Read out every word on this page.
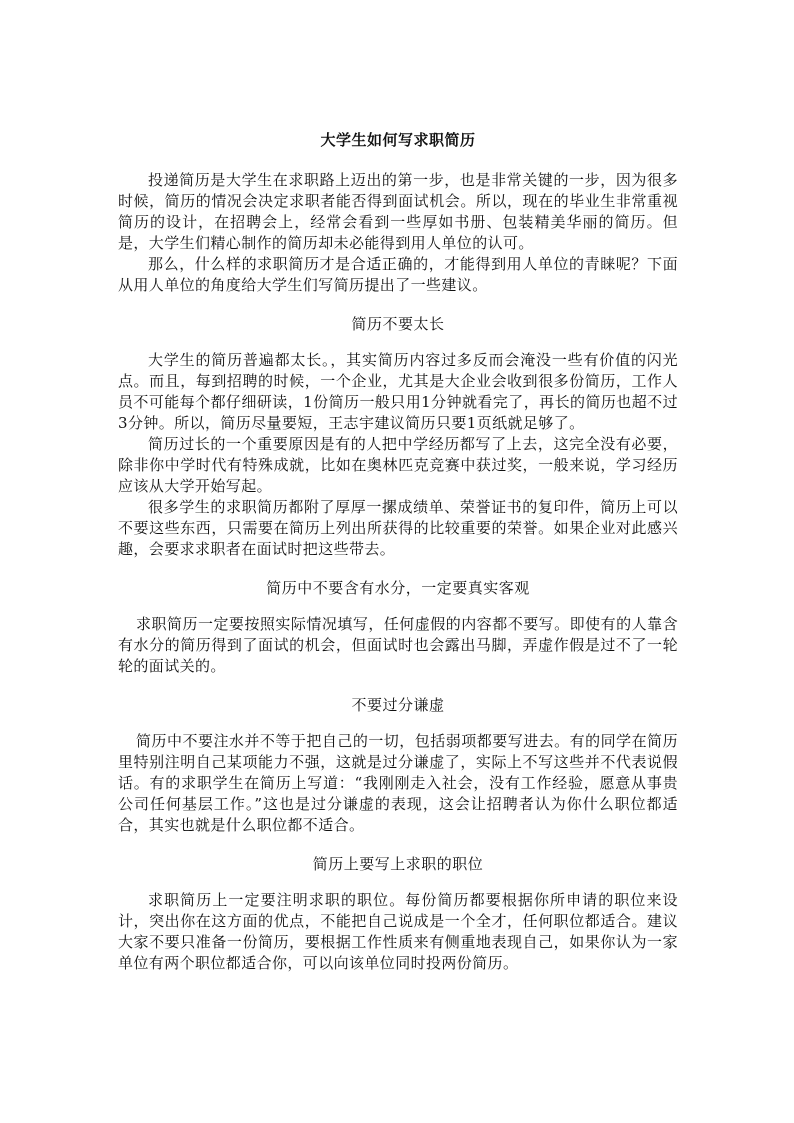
大学生如何写求职简历

投递简历是大学生在求职路上迈出的第一步，也是非常关键的一步，因为很多时候，简历的情况会决定求职者能否得到面试机会。所以，现在的毕业生非常重视简历的设计，在招聘会上，经常会看到一些厚如书册、包装精美华丽的简历。但是，大学生们精心制作的简历却未必能得到用人单位的认可。

那么，什么样的求职简历才是合适正确的，才能得到用人单位的青睐呢？下面从用人单位的角度给大学生们写简历提出了一些建议。

简历不要太长

大学生的简历普遍都太长。，其实简历内容过多反而会淹没一些有价值的闪光点。而且，每到招聘的时候，一个企业，尤其是大企业会收到很多份简历，工作人员不可能每个都仔细研读，1份简历一般只用1分钟就看完了，再长的简历也超不过3分钟。所以，简历尽量要短，王志宇建议简历只要1页纸就足够了。

简历过长的一个重要原因是有的人把中学经历都写了上去，这完全没有必要，除非你中学时代有特殊成就，比如在奥林匹克竞赛中获过奖，一般来说，学习经历应该从大学开始写起。

很多学生的求职简历都附了厚厚一摞成绩单、荣誉证书的复印件，简历上可以不要这些东西，只需要在简历上列出所获得的比较重要的荣誉。如果企业对此感兴趣，会要求求职者在面试时把这些带去。

简历中不要含有水分，一定要真实客观

求职简历一定要按照实际情况填写，任何虚假的内容都不要写。即使有的人靠含有水分的简历得到了面试的机会，但面试时也会露出马脚，弄虚作假是过不了一轮轮的面试关的。

不要过分谦虚

简历中不要注水并不等于把自己的一切，包括弱项都要写进去。有的同学在简历里特别注明自己某项能力不强，这就是过分谦虚了，实际上不写这些并不代表说假话。有的求职学生在简历上写道：“我刚刚走入社会，没有工作经验，愿意从事贵公司任何基层工作。”这也是过分谦虚的表现，这会让招聘者认为你什么职位都适合，其实也就是什么职位都不适合。

简历上要写上求职的职位

求职简历上一定要注明求职的职位。每份简历都要根据你所申请的职位来设计，突出你在这方面的优点，不能把自己说成是一个全才，任何职位都适合。建议大家不要只准备一份简历，要根据工作性质来有侧重地表现自己，如果你认为一家单位有两个职位都适合你，可以向该单位同时投两份简历。
